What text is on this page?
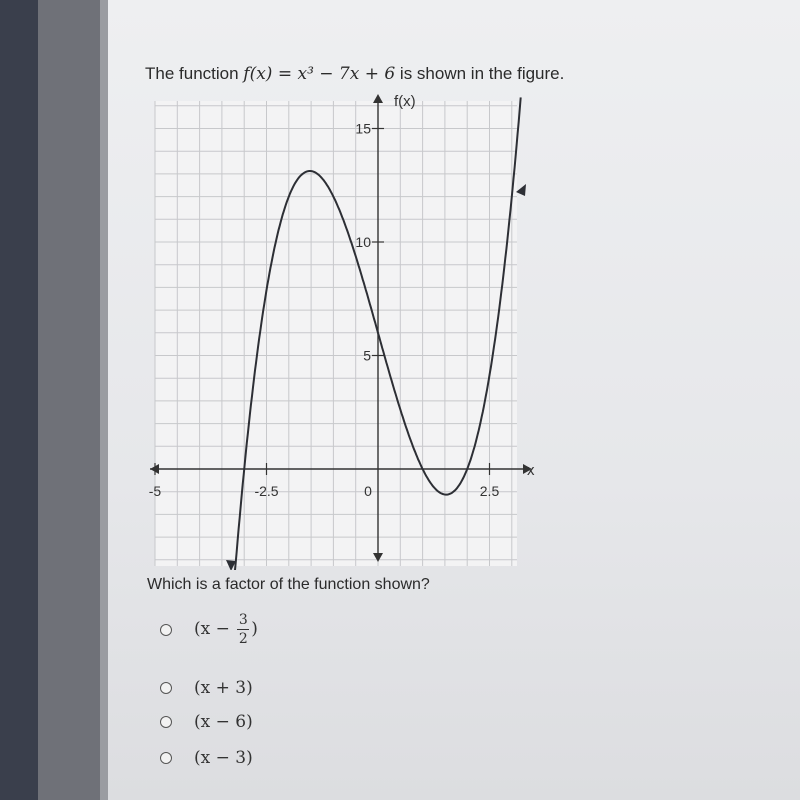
The function f(x) = x³ − 7x + 6 is shown in the figure.
5
10
15
-5	-2.5	0	2.5
f(x)
x
Which is a factor of the function shown?
($x - \frac{3}{2}$ )
(x + 3)
(x − 6)
(x − 3)
